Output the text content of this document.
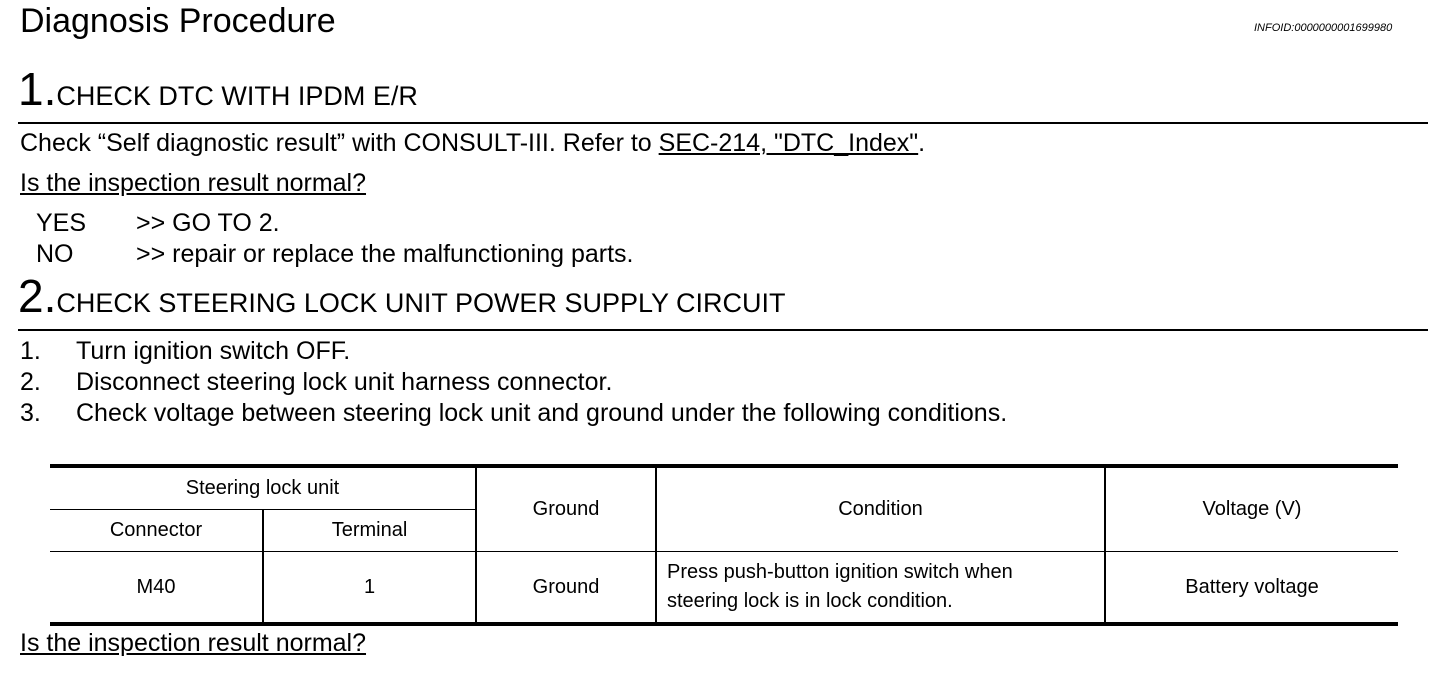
Diagnosis Procedure	INFOID:0000000001699980
1.CHECK DTC WITH IPDM E/R
Check “Self diagnostic result” with CONSULT-III. Refer to SEC-214, "DTC_Index".
Is the inspection result normal?
YES >> GO TO 2.
NO	>> repair or replace the malfunctioning parts.
2.CHECK STEERING LOCK UNIT POWER SUPPLY CIRCUIT
1. Turn ignition switch OFF.
2. Disconnect steering lock unit harness connector.
3. Check voltage between steering lock unit and ground under the following conditions.
Steering lock unit		Ground	Condition	Voltage (V)
Connector	Terminal			
M40	1	Ground	Press push-button ignition switch when
steering lock is in lock condition.	Battery voltage
Is the inspection result normal?
